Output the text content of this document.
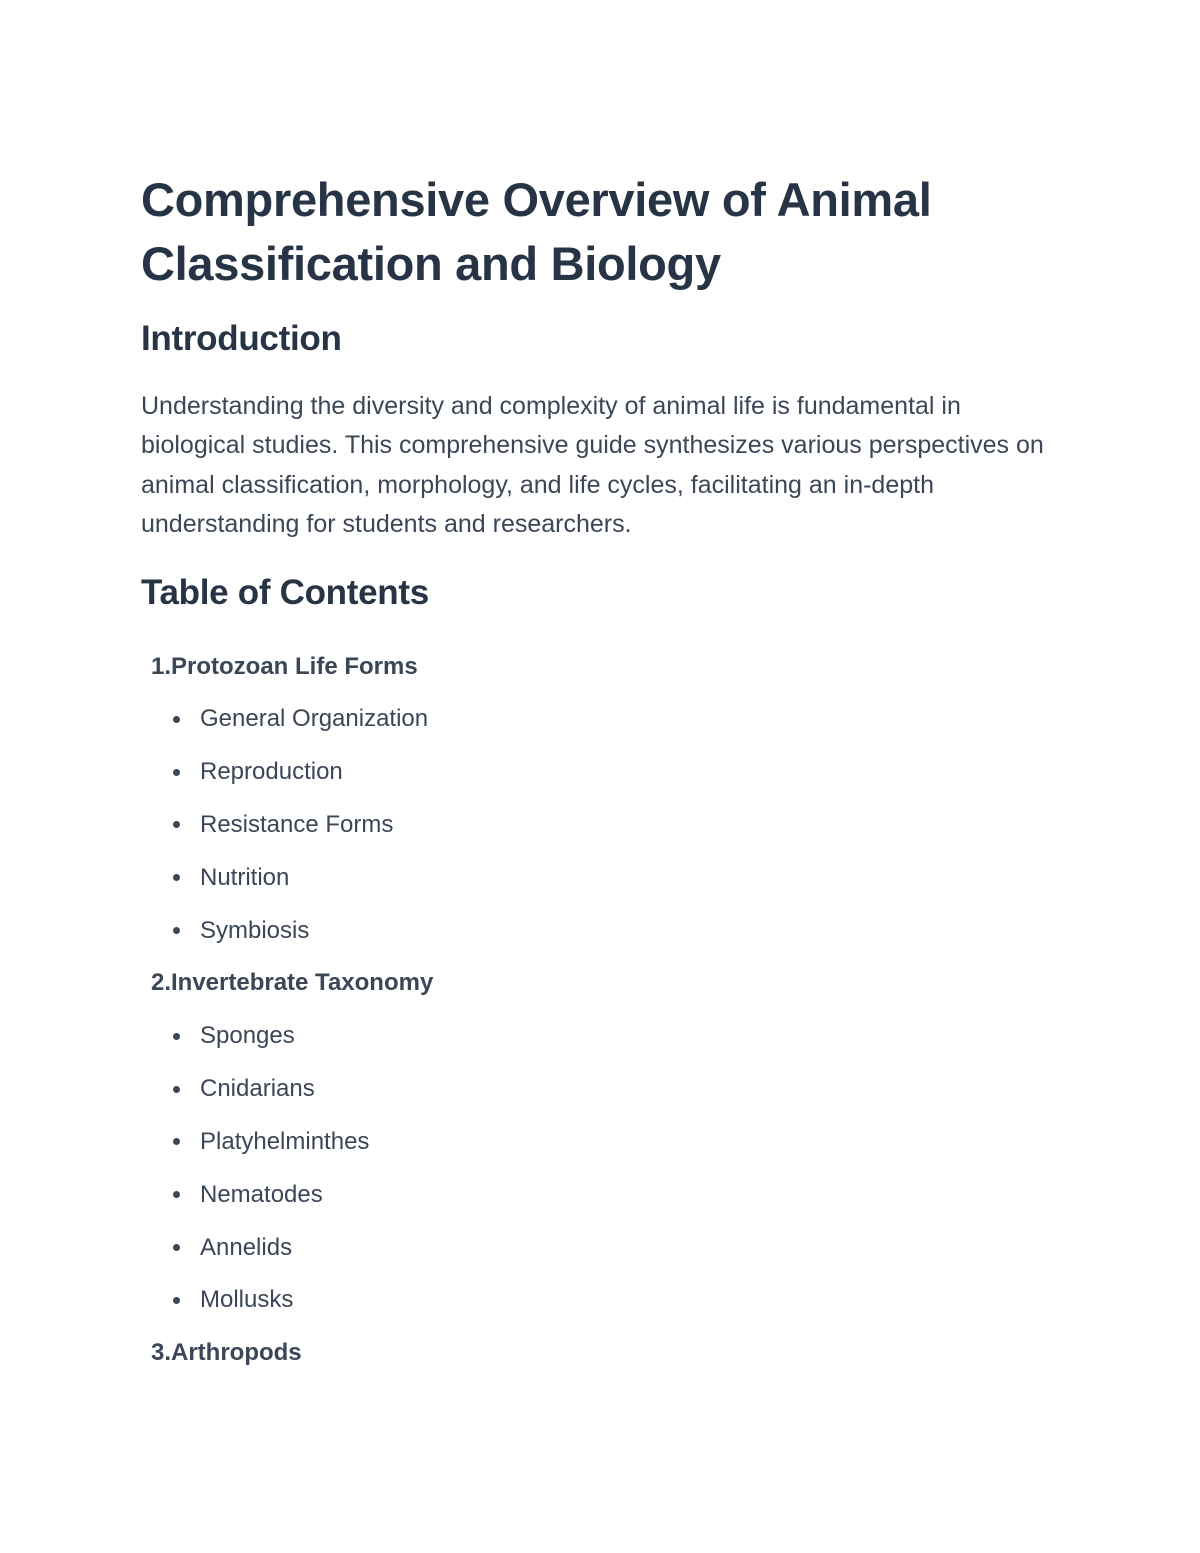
Comprehensive Overview of Animal Classification and Biology
Introduction

Understanding the diversity and complexity of animal life is fundamental in biological studies. This comprehensive guide synthesizes various perspectives on animal classification, morphology, and life cycles, facilitating an in-depth understanding for students and researchers.

Table of Contents
1. Protozoan Life Forms
General Organization
Reproduction
Resistance Forms
Nutrition
Symbiosis
2. Invertebrate Taxonomy
Sponges
Cnidarians
Platyhelminthes
Nematodes
Annelids
Mollusks
3. Arthropods
